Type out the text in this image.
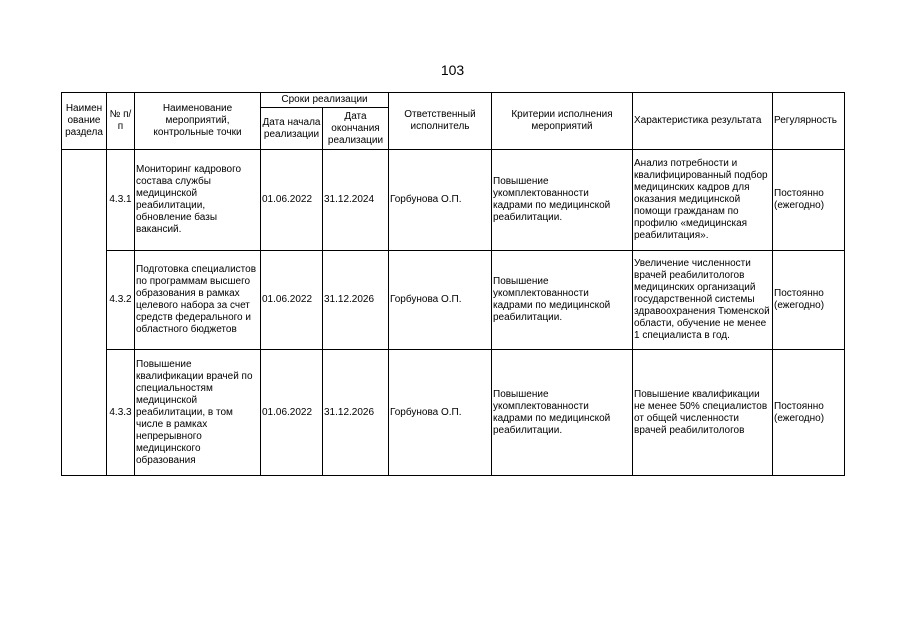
103
Наимен ование раздела	№ п/п	Наименование мероприятий, контрольные точки	Сроки реализации		Ответственный исполнитель	Критерии исполнения мероприятий	Характеристика результата	Регулярность
			Дата начала реализации	Дата окончания реализации				
	4.3.1	Мониторинг кадрового состава службы медицинской реабилитации, обновление базы вакансий.	01.06.2022	31.12.2024	Горбунова О.П.	Повышение укомплектованности кадрами по медицинской реабилитации.	Анализ потребности и квалифицированный подбор медицинских кадров для оказания медицинской помощи гражданам по профилю «медицинская реабилитация».	Постоянно (ежегодно)
	4.3.2	Подготовка специалистов по программам высшего образования в рамках целевого набора за счет средств федерального и областного бюджетов	01.06.2022	31.12.2026	Горбунова О.П.	Повышение укомплектованности кадрами по медицинской реабилитации.	Увеличение численности врачей реабилитологов медицинских организаций государственной системы здравоохранения Тюменской области, обучение не менее 1 специалиста в год.	Постоянно (ежегодно)
	4.3.3	Повышение квалификации врачей по специальностям медицинской реабилитации, в том числе в рамках непрерывного медицинского образования	01.06.2022	31.12.2026	Горбунова О.П.	Повышение укомплектованности кадрами по медицинской реабилитации.	Повышение квалификации не менее 50% специалистов от общей численности врачей реабилитологов	Постоянно (ежегодно)
